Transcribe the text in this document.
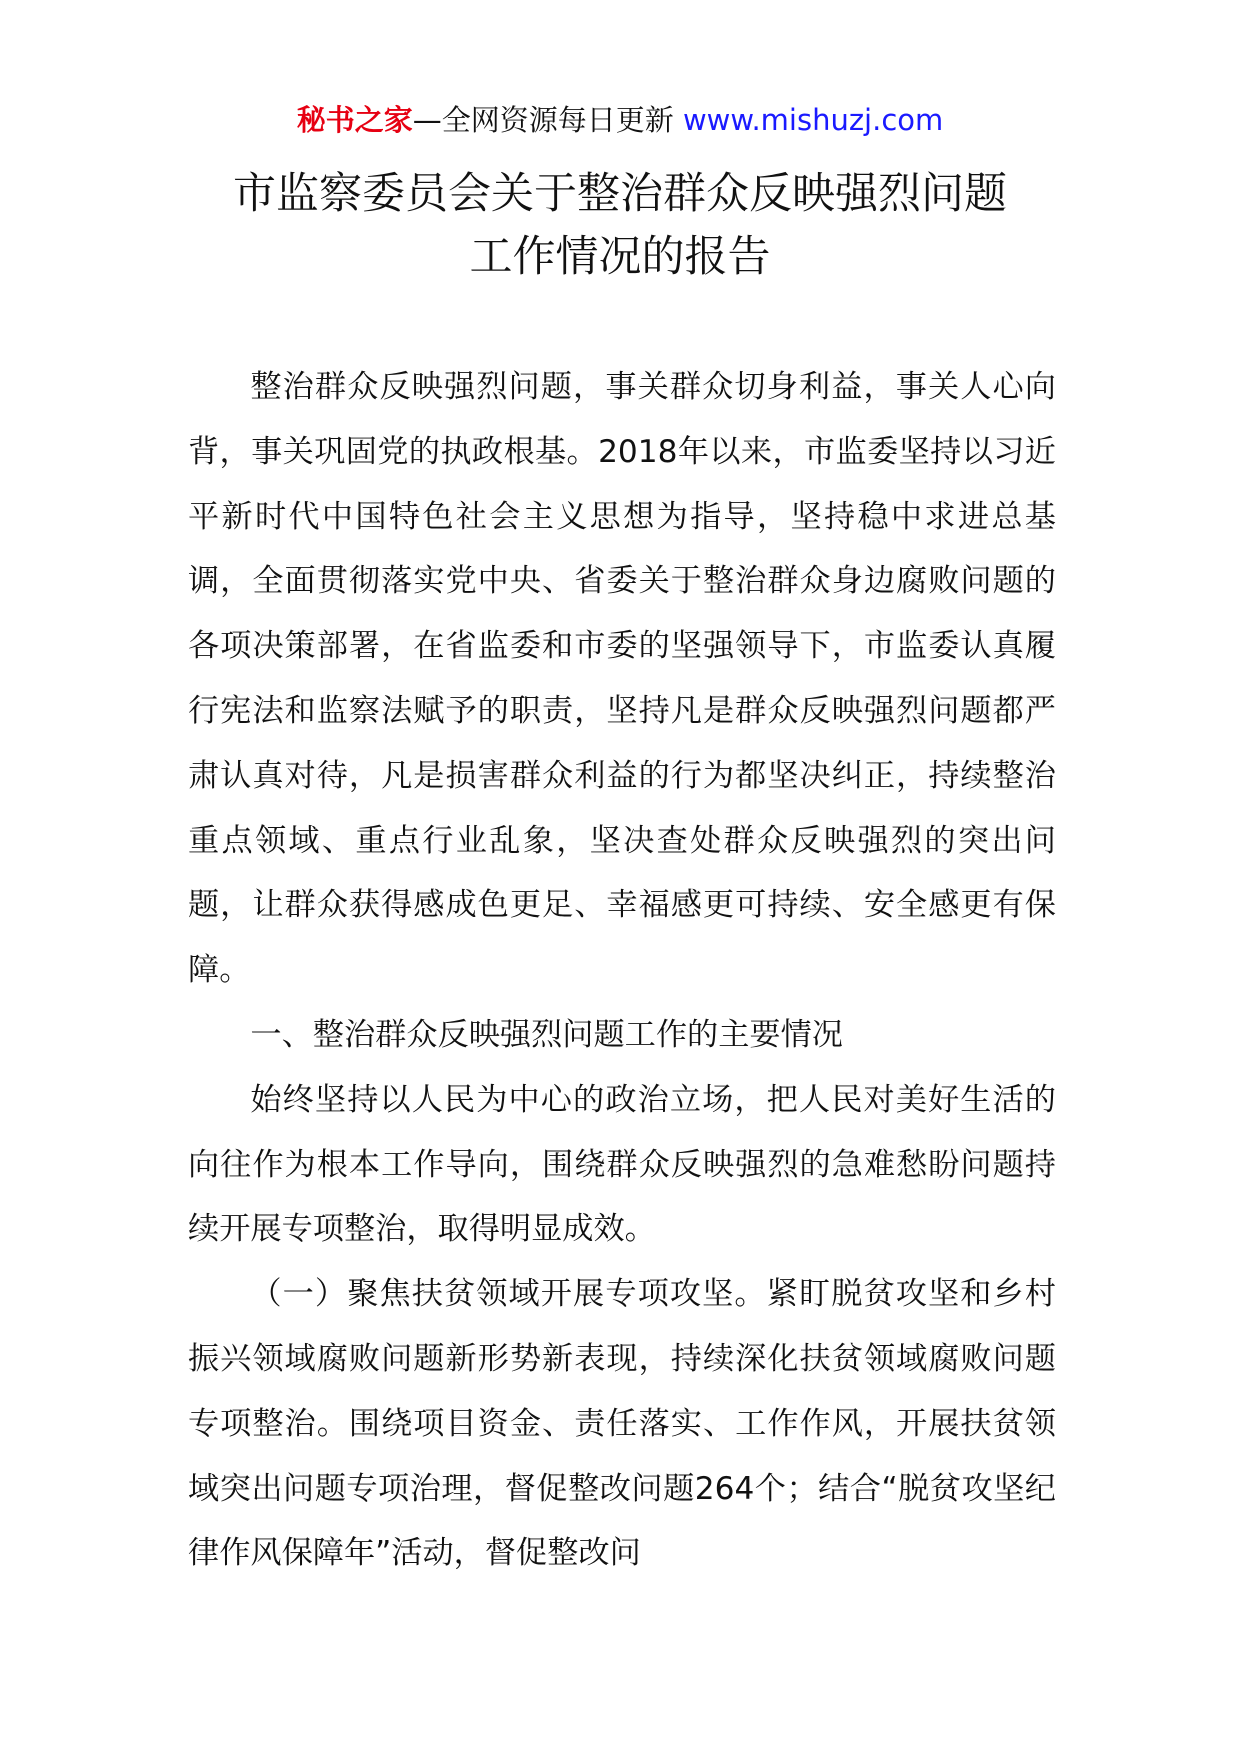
秘书之家—全网资源每日更新 www.mishuzj.com
市监察委员会关于整治群众反映强烈问题
工作情况的报告

整治群众反映强烈问题，事关群众切身利益，事关人心向背，事关巩固党的执政根基。2018年以来，市监委坚持以习近平新时代中国特色社会主义思想为指导，坚持稳中求进总基调，全面贯彻落实党中央、省委关于整治群众身边腐败问题的各项决策部署，在省监委和市委的坚强领导下，市监委认真履行宪法和监察法赋予的职责，坚持凡是群众反映强烈问题都严肃认真对待，凡是损害群众利益的行为都坚决纠正，持续整治重点领域、重点行业乱象，坚决查处群众反映强烈的突出问题，让群众获得感成色更足、幸福感更可持续、安全感更有保障。

一、整治群众反映强烈问题工作的主要情况

始终坚持以人民为中心的政治立场，把人民对美好生活的向往作为根本工作导向，围绕群众反映强烈的急难愁盼问题持续开展专项整治，取得明显成效。

（一）聚焦扶贫领域开展专项攻坚。紧盯脱贫攻坚和乡村振兴领域腐败问题新形势新表现，持续深化扶贫领域腐败问题专项整治。围绕项目资金、责任落实、工作作风，开展扶贫领域突出问题专项治理，督促整改问题264个；结合“脱贫攻坚纪律作风保障年”活动，督促整改问
